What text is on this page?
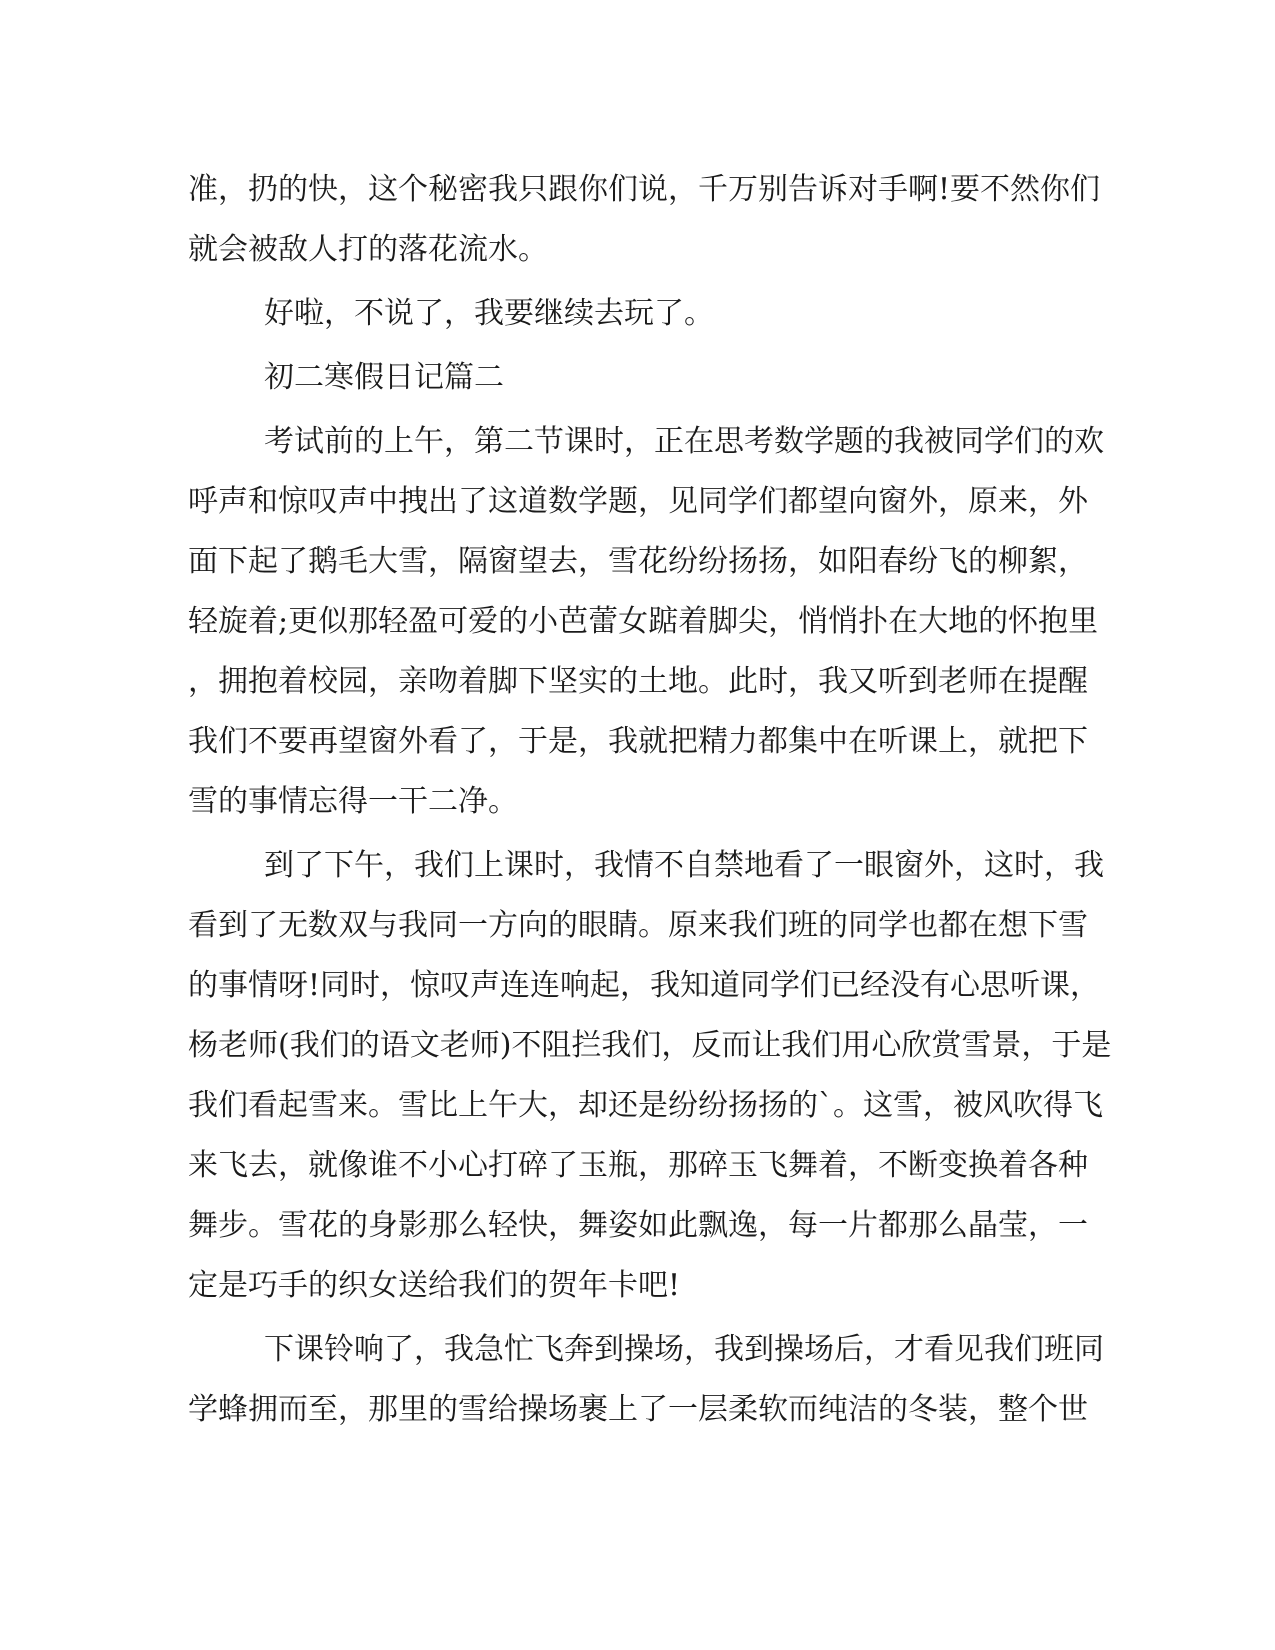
准，扔的快，这个秘密我只跟你们说，千万别告诉对手啊!要不然你们
就会被敌人打的落花流水。
好啦，不说了，我要继续去玩了。
初二寒假日记篇二
考试前的上午，第二节课时，正在思考数学题的我被同学们的欢
呼声和惊叹声中拽出了这道数学题，见同学们都望向窗外，原来，外
面下起了鹅毛大雪，隔窗望去，雪花纷纷扬扬，如阳春纷飞的柳絮，
轻旋着;更似那轻盈可爱的小芭蕾女踮着脚尖，悄悄扑在大地的怀抱里
，拥抱着校园，亲吻着脚下坚实的土地。此时，我又听到老师在提醒
我们不要再望窗外看了，于是，我就把精力都集中在听课上，就把下
雪的事情忘得一干二净。
到了下午，我们上课时，我情不自禁地看了一眼窗外，这时，我
看到了无数双与我同一方向的眼睛。原来我们班的同学也都在想下雪
的事情呀!同时，惊叹声连连响起，我知道同学们已经没有心思听课，
杨老师(我们的语文老师)不阻拦我们，反而让我们用心欣赏雪景，于是
我们看起雪来。雪比上午大，却还是纷纷扬扬的`。这雪，被风吹得飞
来飞去，就像谁不小心打碎了玉瓶，那碎玉飞舞着，不断变换着各种
舞步。雪花的身影那么轻快，舞姿如此飘逸，每一片都那么晶莹，一
定是巧手的织女送给我们的贺年卡吧!
下课铃响了，我急忙飞奔到操场，我到操场后，才看见我们班同
学蜂拥而至，那里的雪给操场裹上了一层柔软而纯洁的冬装，整个世
